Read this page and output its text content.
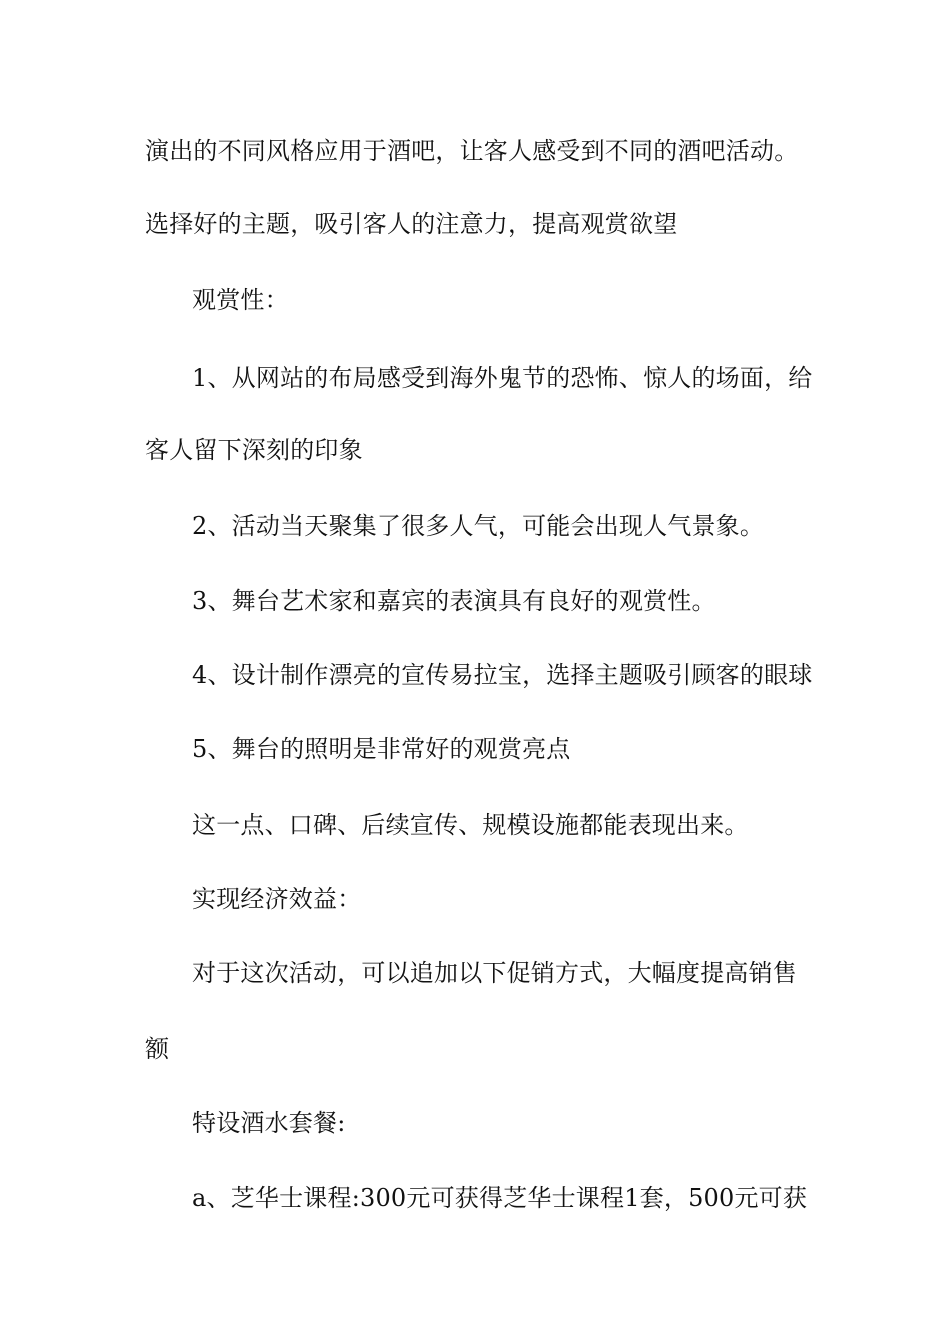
演出的不同风格应用于酒吧，让客人感受到不同的酒吧活动。
选择好的主题，吸引客人的注意力，提高观赏欲望
观赏性：
1、从网站的布局感受到海外鬼节的恐怖、惊人的场面，给
客人留下深刻的印象
2、活动当天聚集了很多人气，可能会出现人气景象。
3、舞台艺术家和嘉宾的表演具有良好的观赏性。
4、设计制作漂亮的宣传易拉宝，选择主题吸引顾客的眼球
5、舞台的照明是非常好的观赏亮点
这一点、口碑、后续宣传、规模设施都能表现出来。
实现经济效益：
对于这次活动，可以追加以下促销方式，大幅度提高销售
额
特设酒水套餐:
a、芝华士课程:300元可获得芝华士课程1套，500元可获
